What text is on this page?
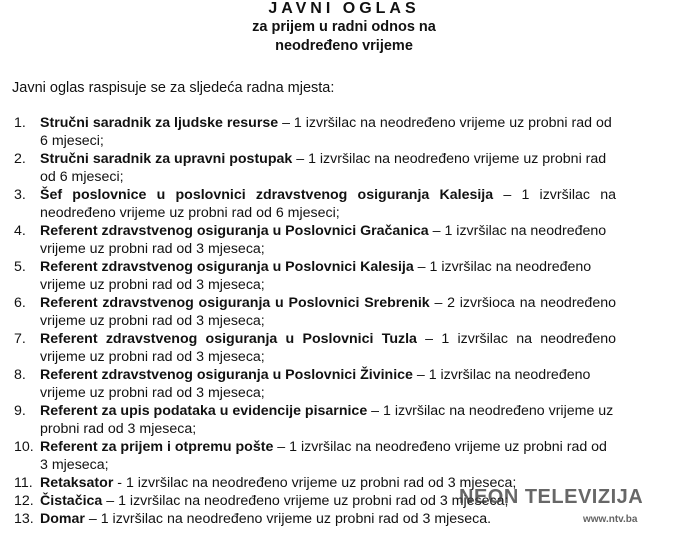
JAVNI OGLAS
za prijem u radni odnos na
neodređeno vrijeme
Javni oglas raspisuje se za sljedeća radna mjesta:
1. Stručni saradnik za ljudske resurse – 1 izvršilac na neodređeno vrijeme uz probni rad od 6 mjeseci;
2. Stručni saradnik za upravni postupak – 1 izvršilac na neodređeno vrijeme uz probni rad od 6 mjeseci;
3. Šef poslovnice u poslovnici zdravstvenog osiguranja Kalesija – 1 izvršilac na neodređeno vrijeme uz probni rad od 6 mjeseci;
4. Referent zdravstvenog osiguranja u Poslovnici Gračanica – 1 izvršilac na neodređeno vrijeme uz probni rad od 3 mjeseca;
5. Referent zdravstvenog osiguranja u Poslovnici Kalesija – 1 izvršilac na neodređeno vrijeme uz probni rad od 3 mjeseca;
6. Referent zdravstvenog osiguranja u Poslovnici Srebrenik – 2 izvršioca na neodređeno vrijeme uz probni rad od 3 mjeseca;
7. Referent zdravstvenog osiguranja u Poslovnici Tuzla – 1 izvršilac na neodređeno vrijeme uz probni rad od 3 mjeseca;
8. Referent zdravstvenog osiguranja u Poslovnici Živinice – 1 izvršilac na neodređeno vrijeme uz probni rad od 3 mjeseca;
9. Referent za upis podataka u evidencije pisarnice – 1 izvršilac na neodređeno vrijeme uz probni rad od 3 mjeseca;
10. Referent za prijem i otpremu pošte – 1 izvršilac na neodređeno vrijeme uz probni rad od 3 mjeseca;
11. Retaksator - 1 izvršilac na neodređeno vrijeme uz probni rad od 3 mjeseca;
12. Čistačica – 1 izvršilac na neodređeno vrijeme uz probni rad od 3 mjeseca;
13. Domar – 1 izvršilac na neodređeno vrijeme uz probni rad od 3 mjeseca.
NEON TELEVIZIJA
www.ntv.ba
